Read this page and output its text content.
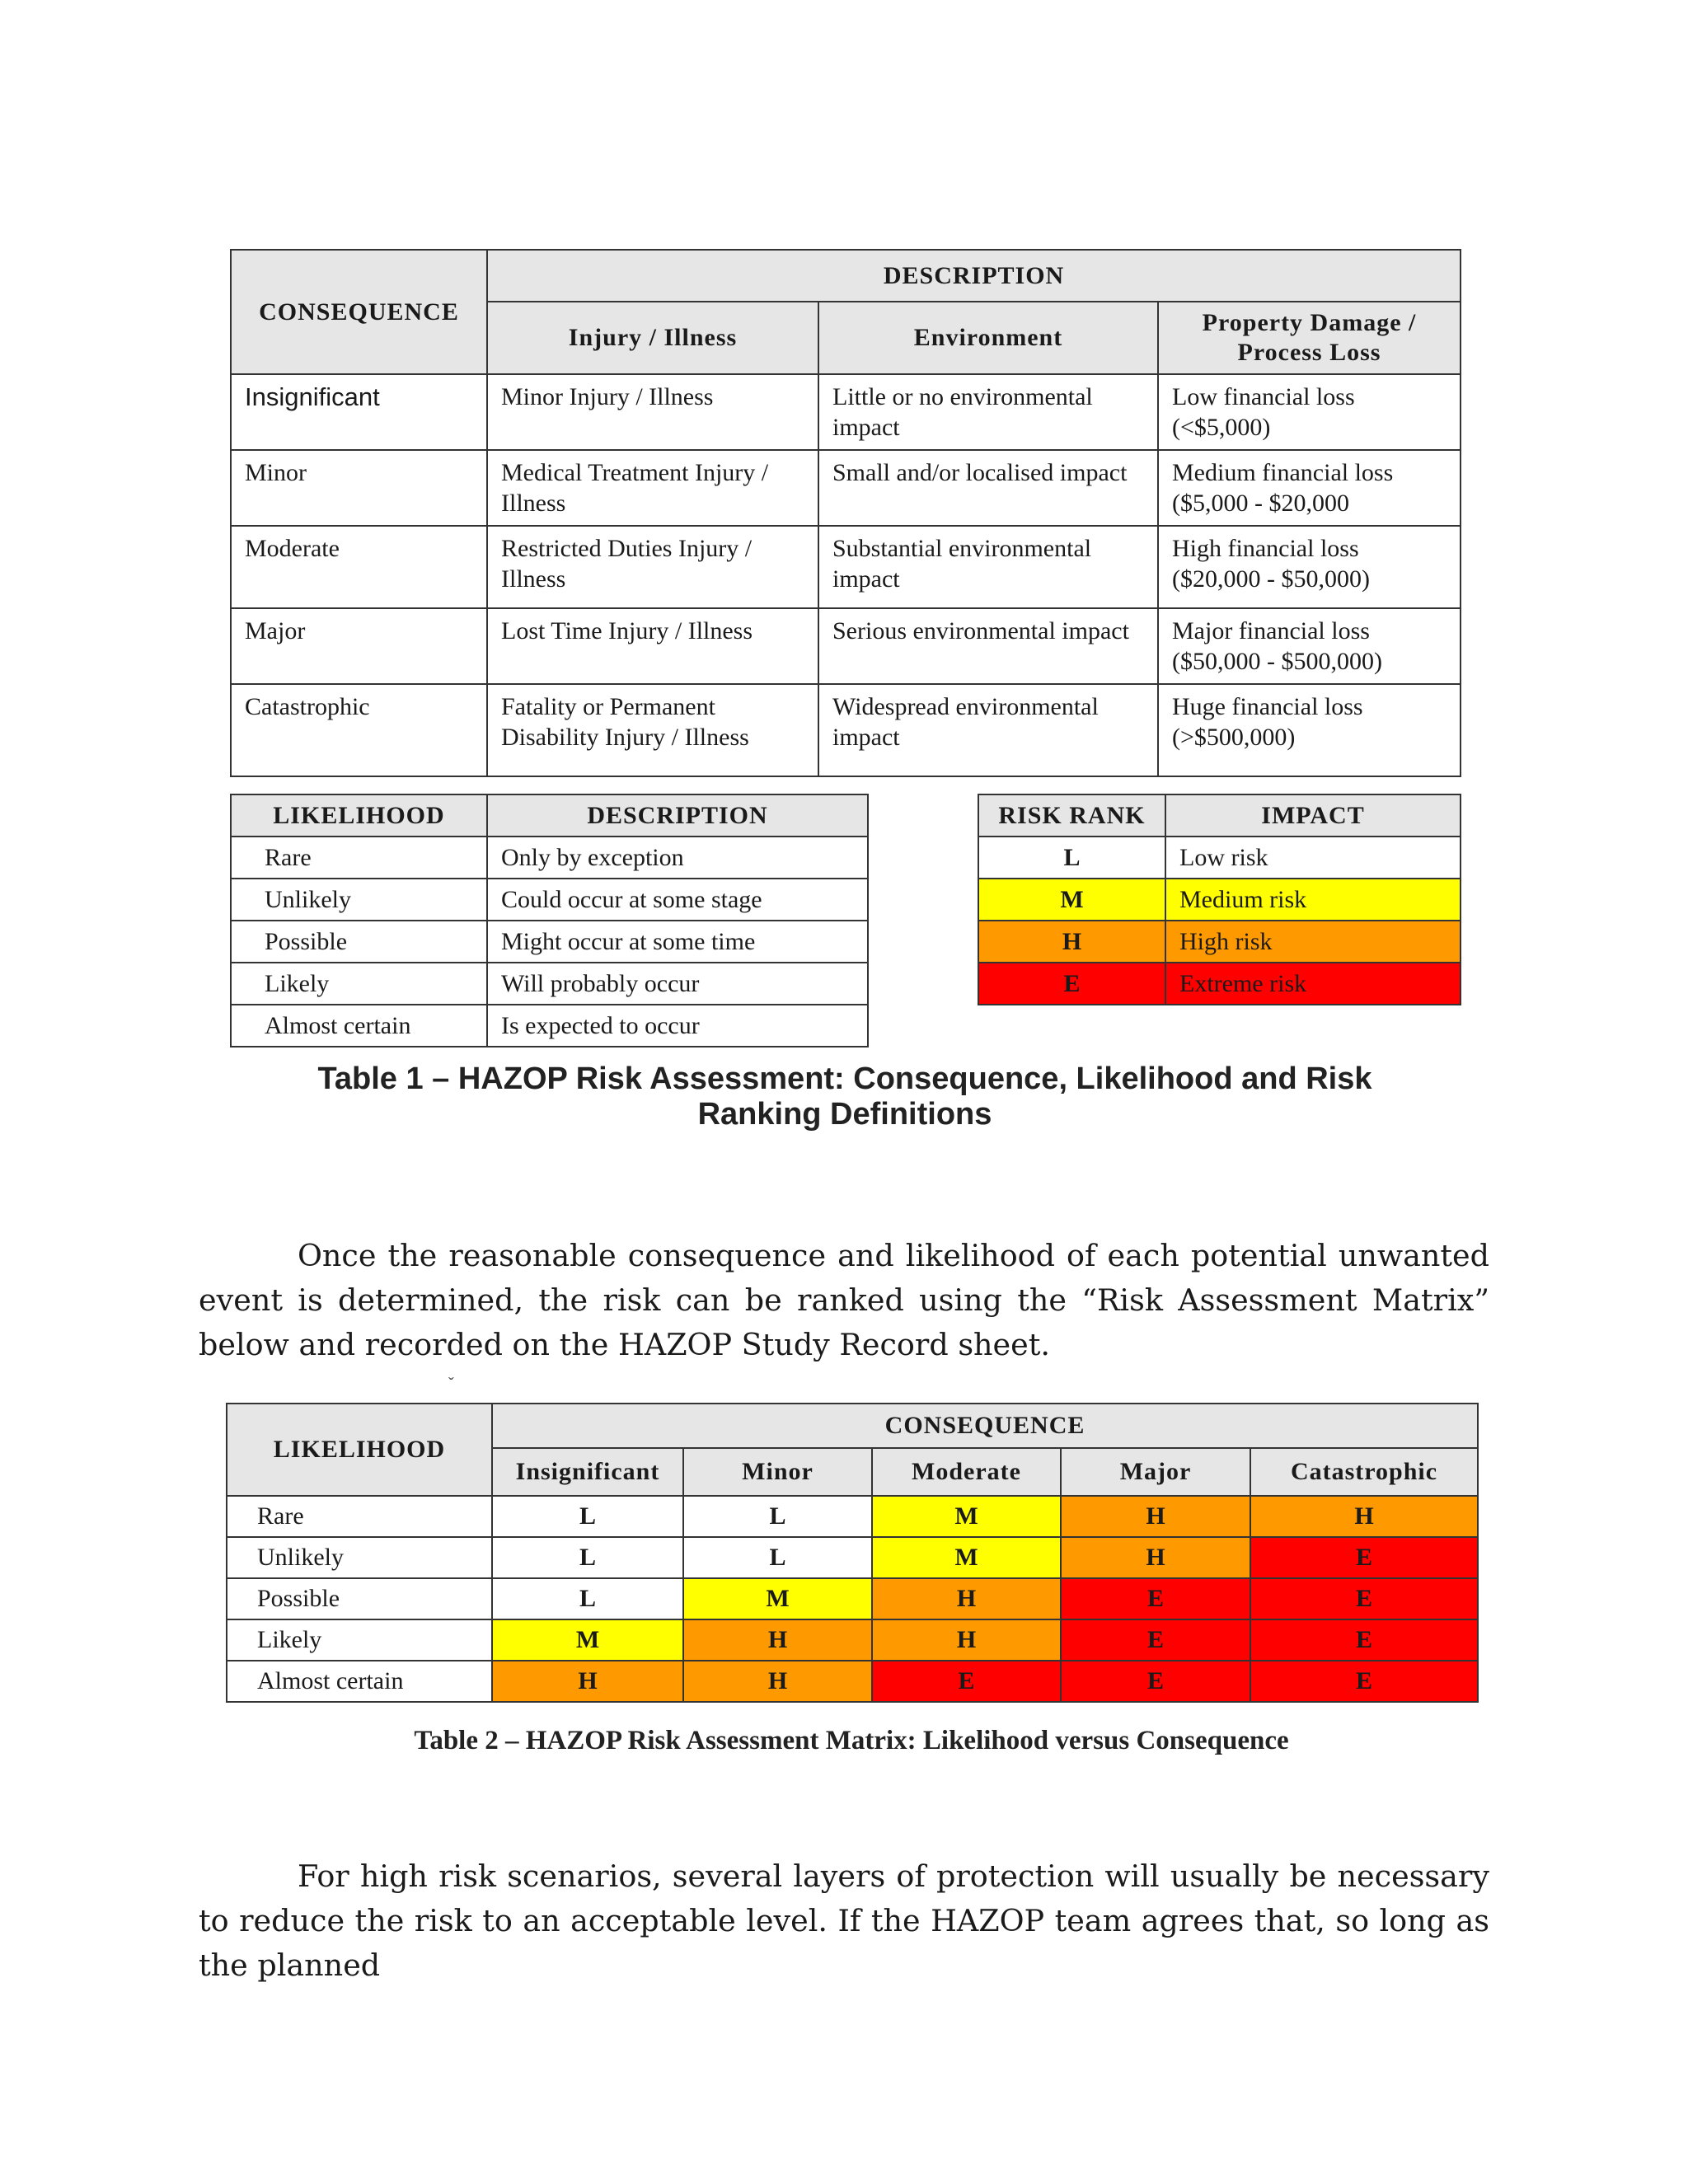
CONSEQUENCE	DESCRIPTION		
	Injury / Illness	Environment	Property Damage / Process Loss
Insignificant	Minor Injury / Illness	Little or no environmental impact	Low financial loss (<$5,000)
Minor	Medical Treatment Injury / Illness	Small and/or localised impact	Medium financial loss ($5,000 - $20,000
Moderate	Restricted Duties Injury / Illness	Substantial environmental impact	High financial loss ($20,000 - $50,000)
Major	Lost Time Injury / Illness	Serious environmental impact	Major financial loss ($50,000 - $500,000)
Catastrophic	Fatality or Permanent Disability Injury / Illness	Widespread environmental impact	Huge financial loss (>$500,000)
LIKELIHOOD	DESCRIPTION
Rare	Only by exception
Unlikely	Could occur at some stage
Possible	Might occur at some time
Likely	Will probably occur
Almost certain	Is expected to occur
RISK RANK	IMPACT
L	Low risk
M	Medium risk
H	High risk
E	Extreme risk
Table 1 – HAZOP Risk Assessment: Consequence, Likelihood and Risk
Ranking Definitions

Once the reasonable consequence and likelihood of each potential unwanted event is determined, the risk can be ranked using the “Risk Assessment Matrix” below and recorded on the HAZOP Study Record sheet.

ˇ
LIKELIHOOD	CONSEQUENCE				
	Insignificant	Minor	Moderate	Major	Catastrophic
Rare	L	L	M	H	H
Unlikely	L	L	M	H	E
Possible	L	M	H	E	E
Likely	M	H	H	E	E
Almost certain	H	H	E	E	E
Table 2 – HAZOP Risk Assessment Matrix: Likelihood versus Consequence

For high risk scenarios, several layers of protection will usually be necessary to reduce the risk to an acceptable level. If the HAZOP team agrees that, so long as the planned
